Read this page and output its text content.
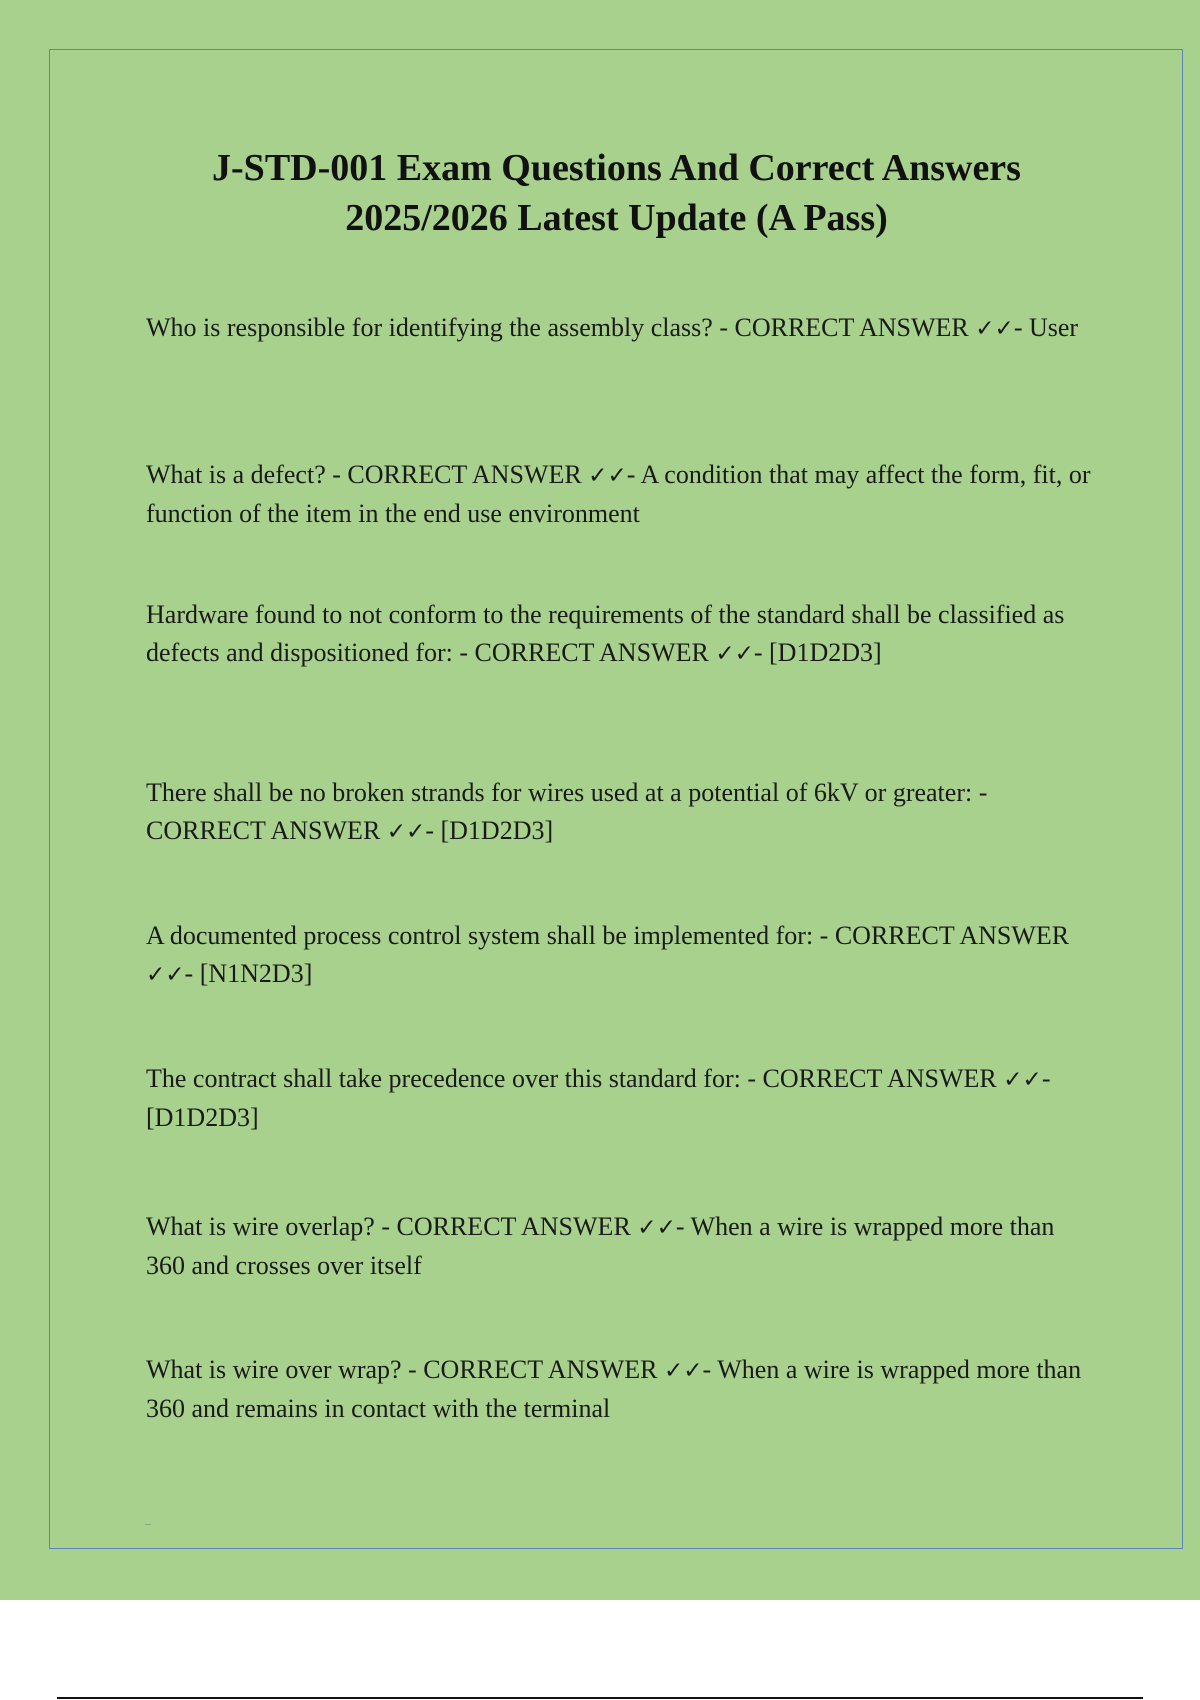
J-STD-001 Exam Questions And Correct Answers
2025/2026 Latest Update (A Pass)

Who is responsible for identifying the assembly class? - CORRECT ANSWER ✓✓- User

What is a defect? - CORRECT ANSWER ✓✓- A condition that may affect the form, fit, or function of the item in the end use environment

Hardware found to not conform to the requirements of the standard shall be classified as defects and dispositioned for: - CORRECT ANSWER ✓✓- [D1D2D3]

There shall be no broken strands for wires used at a potential of 6kV or greater: - CORRECT ANSWER ✓✓- [D1D2D3]

A documented process control system shall be implemented for: - CORRECT ANSWER ✓✓- [N1N2D3]

The contract shall take precedence over this standard for: - CORRECT ANSWER ✓✓- [D1D2D3]

What is wire overlap? - CORRECT ANSWER ✓✓- When a wire is wrapped more than 360 and crosses over itself

What is wire over wrap? - CORRECT ANSWER ✓✓- When a wire is wrapped more than 360 and remains in contact with the terminal

–
